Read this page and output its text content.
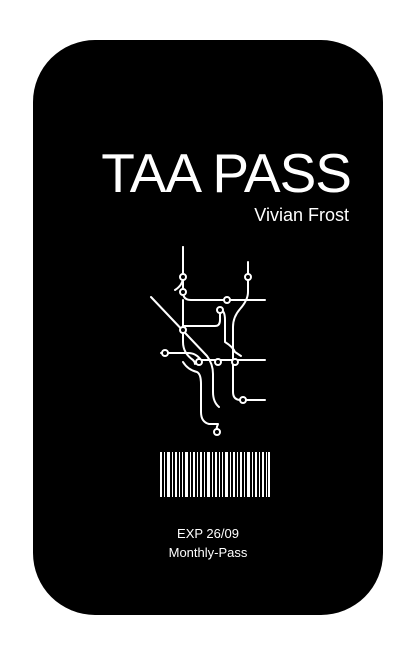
TAA PASS
Vivian Frost
EXP 26/09
Monthly-Pass
